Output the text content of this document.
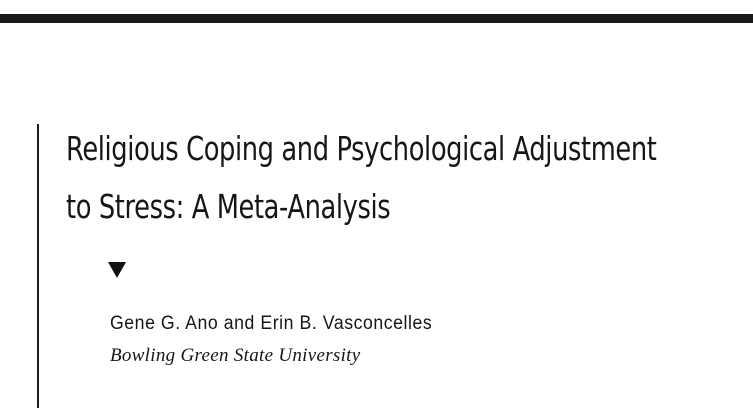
Religious Coping and Psychological Adjustment
to Stress: A Meta-Analysis

Gene G. Ano and Erin B. Vasconcelles

Bowling Green State University
